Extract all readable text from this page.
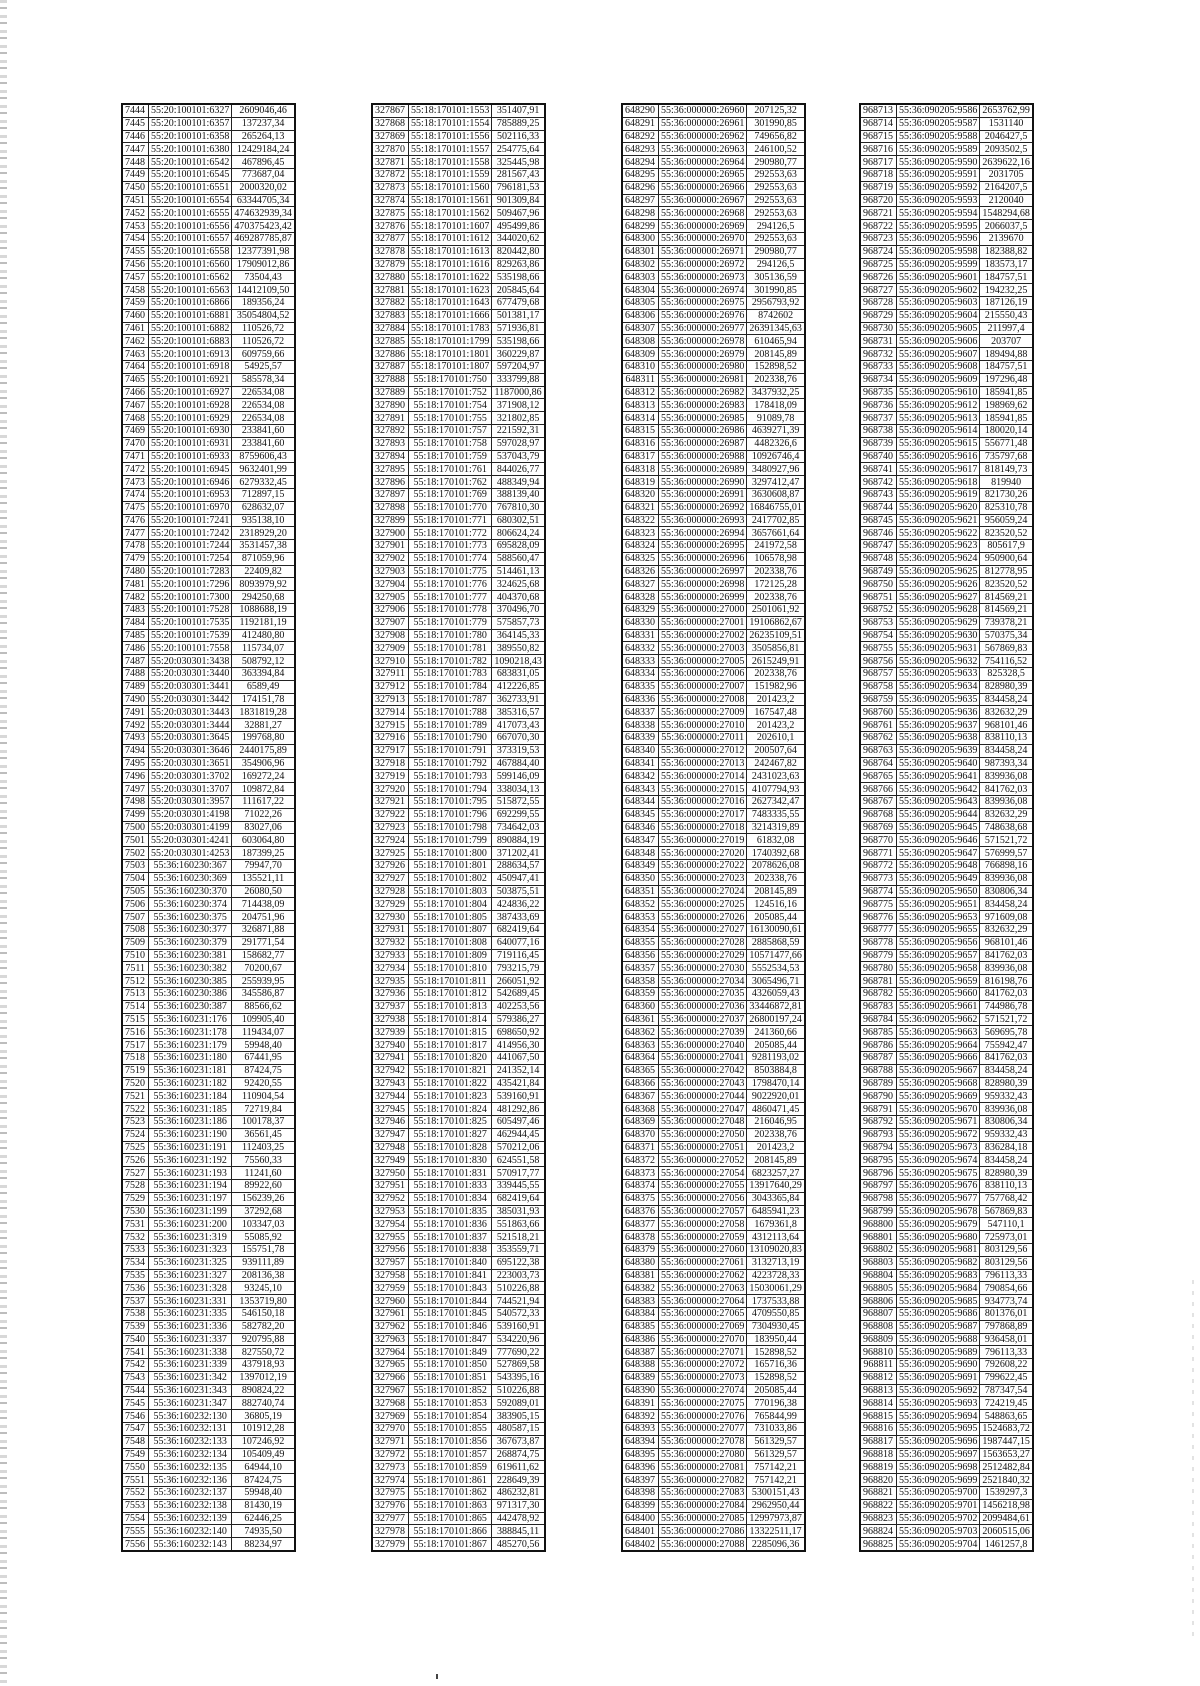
7444	55:20:100101:6327	2609046,46
7445	55:20:100101:6357	137237,34
7446	55:20:100101:6358	265264,13
7447	55:20:100101:6380	12429184,24
7448	55:20:100101:6542	467896,45
7449	55:20:100101:6545	773687,04
7450	55:20:100101:6551	2000320,02
7451	55:20:100101:6554	63344705,34
7452	55:20:100101:6555	474632939,34
7453	55:20:100101:6556	470375423,42
7454	55:20:100101:6557	469287785,87
7455	55:20:100101:6558	12377391,98
7456	55:20:100101:6560	17909012,86
7457	55:20:100101:6562	73504,43
7458	55:20:100101:6563	14412109,50
7459	55:20:100101:6866	189356,24
7460	55:20:100101:6881	35054804,52
7461	55:20:100101:6882	110526,72
7462	55:20:100101:6883	110526,72
7463	55:20:100101:6913	609759,66
7464	55:20:100101:6918	54925,57
7465	55:20:100101:6921	585578,34
7466	55:20:100101:6927	226534,08
7467	55:20:100101:6928	226534,08
7468	55:20:100101:6929	226534,08
7469	55:20:100101:6930	233841,60
7470	55:20:100101:6931	233841,60
7471	55:20:100101:6933	8759606,43
7472	55:20:100101:6945	9632401,99
7473	55:20:100101:6946	6279332,45
7474	55:20:100101:6953	712897,15
7475	55:20:100101:6970	628632,07
7476	55:20:100101:7241	935138,10
7477	55:20:100101:7242	2318929,20
7478	55:20:100101:7244	3531457,38
7479	55:20:100101:7254	871059,96
7480	55:20:100101:7283	22409,82
7481	55:20:100101:7296	8093979,92
7482	55:20:100101:7300	294250,68
7483	55:20:100101:7528	1088688,19
7484	55:20:100101:7535	1192181,19
7485	55:20:100101:7539	412480,80
7486	55:20:100101:7558	115734,07
7487	55:20:030301:3438	508792,12
7488	55:20:030301:3440	363394,84
7489	55:20:030301:3441	6589,49
7490	55:20:030301:3442	174151,78
7491	55:20:030301:3443	1831819,28
7492	55:20:030301:3444	32881,27
7493	55:20:030301:3645	199768,80
7494	55:20:030301:3646	2440175,89
7495	55:20:030301:3651	354906,96
7496	55:20:030301:3702	169272,24
7497	55:20:030301:3707	109872,84
7498	55:20:030301:3957	111617,22
7499	55:20:030301:4198	71022,26
7500	55:20:030301:4199	83027,06
7501	55:20:030301:4241	603064,80
7502	55:20:030301:4253	187399,25
7503	55:36:160230:367	79947,70
7504	55:36:160230:369	135521,11
7505	55:36:160230:370	26080,50
7506	55:36:160230:374	714438,09
7507	55:36:160230:375	204751,96
7508	55:36:160230:377	326871,88
7509	55:36:160230:379	291771,54
7510	55:36:160230:381	158682,77
7511	55:36:160230:382	70200,67
7512	55:36:160230:385	255939,95
7513	55:36:160230:386	345586,87
7514	55:36:160230:387	88566,62
7515	55:36:160231:176	109905,40
7516	55:36:160231:178	119434,07
7517	55:36:160231:179	59948,40
7518	55:36:160231:180	67441,95
7519	55:36:160231:181	87424,75
7520	55:36:160231:182	92420,55
7521	55:36:160231:184	110904,54
7522	55:36:160231:185	72719,84
7523	55:36:160231:186	100178,37
7524	55:36:160231:190	36561,45
7525	55:36:160231:191	112403,25
7526	55:36:160231:192	75560,33
7527	55:36:160231:193	11241,60
7528	55:36:160231:194	89922,60
7529	55:36:160231:197	156239,26
7530	55:36:160231:199	37292,68
7531	55:36:160231:200	103347,03
7532	55:36:160231:319	55085,92
7533	55:36:160231:323	155751,78
7534	55:36:160231:325	939111,89
7535	55:36:160231:327	208136,38
7536	55:36:160231:328	93245,10
7537	55:36:160231:331	1353719,80
7538	55:36:160231:335	546150,18
7539	55:36:160231:336	582782,20
7540	55:36:160231:337	920795,88
7541	55:36:160231:338	827550,72
7542	55:36:160231:339	437918,93
7543	55:36:160231:342	1397012,19
7544	55:36:160231:343	890824,22
7545	55:36:160231:347	882740,74
7546	55:36:160232:130	36805,19
7547	55:36:160232:131	101912,28
7548	55:36:160232:133	107246,92
7549	55:36:160232:134	105409,49
7550	55:36:160232:135	64944,10
7551	55:36:160232:136	87424,75
7552	55:36:160232:137	59948,40
7553	55:36:160232:138	81430,19
7554	55:36:160232:139	62446,25
7555	55:36:160232:140	74935,50
7556	55:36:160232:143	88234,97
327867	55:18:170101:1553	351407,91
327868	55:18:170101:1554	785889,25
327869	55:18:170101:1556	502116,33
327870	55:18:170101:1557	254775,64
327871	55:18:170101:1558	325445,98
327872	55:18:170101:1559	281567,43
327873	55:18:170101:1560	796181,53
327874	55:18:170101:1561	901309,84
327875	55:18:170101:1562	509467,96
327876	55:18:170101:1607	495499,86
327877	55:18:170101:1612	344020,62
327878	55:18:170101:1613	820442,80
327879	55:18:170101:1616	829263,86
327880	55:18:170101:1622	535198,66
327881	55:18:170101:1623	205845,64
327882	55:18:170101:1643	677479,68
327883	55:18:170101:1666	501381,17
327884	55:18:170101:1783	571936,81
327885	55:18:170101:1799	535198,66
327886	55:18:170101:1801	360229,87
327887	55:18:170101:1807	597204,97
327888	55:18:170101:750	333799,88
327889	55:18:170101:752	1187000,86
327890	55:18:170101:754	371908,12
327891	55:18:170101:755	321802,85
327892	55:18:170101:757	221592,31
327893	55:18:170101:758	597028,97
327894	55:18:170101:759	537043,79
327895	55:18:170101:761	844026,77
327896	55:18:170101:762	488349,94
327897	55:18:170101:769	388139,40
327898	55:18:170101:770	767810,30
327899	55:18:170101:771	680302,51
327900	55:18:170101:772	806624,24
327901	55:18:170101:773	695828,09
327902	55:18:170101:774	588560,47
327903	55:18:170101:775	514461,13
327904	55:18:170101:776	324625,68
327905	55:18:170101:777	404370,68
327906	55:18:170101:778	370496,70
327907	55:18:170101:779	575857,73
327908	55:18:170101:780	364145,33
327909	55:18:170101:781	389550,82
327910	55:18:170101:782	1090218,43
327911	55:18:170101:783	683831,05
327912	55:18:170101:784	412226,85
327913	55:18:170101:787	362733,91
327914	55:18:170101:788	385316,57
327915	55:18:170101:789	417073,43
327916	55:18:170101:790	667070,30
327917	55:18:170101:791	373319,53
327918	55:18:170101:792	467884,40
327919	55:18:170101:793	599146,09
327920	55:18:170101:794	338034,13
327921	55:18:170101:795	515872,55
327922	55:18:170101:796	692299,55
327923	55:18:170101:798	734642,03
327924	55:18:170101:799	890884,19
327925	55:18:170101:800	371202,41
327926	55:18:170101:801	288634,57
327927	55:18:170101:802	450947,41
327928	55:18:170101:803	503875,51
327929	55:18:170101:804	424836,22
327930	55:18:170101:805	387433,69
327931	55:18:170101:807	682419,64
327932	55:18:170101:808	640077,16
327933	55:18:170101:809	719116,45
327934	55:18:170101:810	793215,79
327935	55:18:170101:811	266051,92
327936	55:18:170101:812	542689,45
327937	55:18:170101:813	402253,56
327938	55:18:170101:814	579386,27
327939	55:18:170101:815	698650,92
327940	55:18:170101:817	414956,30
327941	55:18:170101:820	441067,50
327942	55:18:170101:821	241352,14
327943	55:18:170101:822	435421,84
327944	55:18:170101:823	539160,91
327945	55:18:170101:824	481292,86
327946	55:18:170101:825	605497,46
327947	55:18:170101:827	462944,45
327948	55:18:170101:828	570212,06
327949	55:18:170101:830	624551,58
327950	55:18:170101:831	570917,77
327951	55:18:170101:833	339445,55
327952	55:18:170101:834	682419,64
327953	55:18:170101:835	385031,93
327954	55:18:170101:836	551863,66
327955	55:18:170101:837	521518,21
327956	55:18:170101:838	353559,71
327957	55:18:170101:840	695122,38
327958	55:18:170101:841	223003,73
327959	55:18:170101:843	510226,88
327960	55:18:170101:844	744521,94
327961	55:18:170101:845	540572,33
327962	55:18:170101:846	539160,91
327963	55:18:170101:847	534220,96
327964	55:18:170101:849	777690,22
327965	55:18:170101:850	527869,58
327966	55:18:170101:851	543395,16
327967	55:18:170101:852	510226,88
327968	55:18:170101:853	592089,01
327969	55:18:170101:854	383905,15
327970	55:18:170101:855	480587,15
327971	55:18:170101:856	367673,87
327972	55:18:170101:857	268874,75
327973	55:18:170101:859	619611,62
327974	55:18:170101:861	228649,39
327975	55:18:170101:862	486232,81
327976	55:18:170101:863	971317,30
327977	55:18:170101:865	442478,92
327978	55:18:170101:866	388845,11
327979	55:18:170101:867	485270,56
648290	55:36:000000:26960	207125,32
648291	55:36:000000:26961	301990,85
648292	55:36:000000:26962	749656,82
648293	55:36:000000:26963	246100,52
648294	55:36:000000:26964	290980,77
648295	55:36:000000:26965	292553,63
648296	55:36:000000:26966	292553,63
648297	55:36:000000:26967	292553,63
648298	55:36:000000:26968	292553,63
648299	55:36:000000:26969	294126,5
648300	55:36:000000:26970	292553,63
648301	55:36:000000:26971	290980,77
648302	55:36:000000:26972	294126,5
648303	55:36:000000:26973	305136,59
648304	55:36:000000:26974	301990,85
648305	55:36:000000:26975	2956793,92
648306	55:36:000000:26976	8742602
648307	55:36:000000:26977	26391345,63
648308	55:36:000000:26978	610465,94
648309	55:36:000000:26979	208145,89
648310	55:36:000000:26980	152898,52
648311	55:36:000000:26981	202338,76
648312	55:36:000000:26982	3437932,25
648313	55:36:000000:26983	178418,09
648314	55:36:000000:26985	91089,78
648315	55:36:000000:26986	4639271,39
648316	55:36:000000:26987	4482326,6
648317	55:36:000000:26988	10926746,4
648318	55:36:000000:26989	3480927,96
648319	55:36:000000:26990	3297412,47
648320	55:36:000000:26991	3630608,87
648321	55:36:000000:26992	16846755,01
648322	55:36:000000:26993	2417702,85
648323	55:36:000000:26994	3657661,64
648324	55:36:000000:26995	241972,58
648325	55:36:000000:26996	106578,98
648326	55:36:000000:26997	202338,76
648327	55:36:000000:26998	172125,28
648328	55:36:000000:26999	202338,76
648329	55:36:000000:27000	2501061,92
648330	55:36:000000:27001	19106862,67
648331	55:36:000000:27002	26235109,51
648332	55:36:000000:27003	3505856,81
648333	55:36:000000:27005	2615249,91
648334	55:36:000000:27006	202338,76
648335	55:36:000000:27007	151982,96
648336	55:36:000000:27008	201423,2
648337	55:36:000000:27009	167547,48
648338	55:36:000000:27010	201423,2
648339	55:36:000000:27011	202610,1
648340	55:36:000000:27012	200507,64
648341	55:36:000000:27013	242467,82
648342	55:36:000000:27014	2431023,63
648343	55:36:000000:27015	4107794,93
648344	55:36:000000:27016	2627342,47
648345	55:36:000000:27017	7483335,55
648346	55:36:000000:27018	3214319,89
648347	55:36:000000:27019	61832,08
648348	55:36:000000:27020	1740392,68
648349	55:36:000000:27022	2078626,08
648350	55:36:000000:27023	202338,76
648351	55:36:000000:27024	208145,89
648352	55:36:000000:27025	124516,16
648353	55:36:000000:27026	205085,44
648354	55:36:000000:27027	16130090,61
648355	55:36:000000:27028	2885868,59
648356	55:36:000000:27029	10571477,66
648357	55:36:000000:27030	5552534,53
648358	55:36:000000:27034	3065496,71
648359	55:36:000000:27035	4326059,43
648360	55:36:000000:27036	33446872,81
648361	55:36:000000:27037	26800197,24
648362	55:36:000000:27039	241360,66
648363	55:36:000000:27040	205085,44
648364	55:36:000000:27041	9281193,02
648365	55:36:000000:27042	8503884,8
648366	55:36:000000:27043	1798470,14
648367	55:36:000000:27044	9022920,01
648368	55:36:000000:27047	4860471,45
648369	55:36:000000:27048	216046,95
648370	55:36:000000:27050	202338,76
648371	55:36:000000:27051	201423,2
648372	55:36:000000:27052	208145,89
648373	55:36:000000:27054	6823257,27
648374	55:36:000000:27055	13917640,29
648375	55:36:000000:27056	3043365,84
648376	55:36:000000:27057	6485941,23
648377	55:36:000000:27058	1679361,8
648378	55:36:000000:27059	4312113,64
648379	55:36:000000:27060	13109020,83
648380	55:36:000000:27061	3132713,19
648381	55:36:000000:27062	4223728,33
648382	55:36:000000:27063	15030061,29
648383	55:36:000000:27064	1737533,88
648384	55:36:000000:27065	4709550,85
648385	55:36:000000:27069	7304930,45
648386	55:36:000000:27070	183950,44
648387	55:36:000000:27071	152898,52
648388	55:36:000000:27072	165716,36
648389	55:36:000000:27073	152898,52
648390	55:36:000000:27074	205085,44
648391	55:36:000000:27075	770196,38
648392	55:36:000000:27076	765844,99
648393	55:36:000000:27077	731033,86
648394	55:36:000000:27078	561329,57
648395	55:36:000000:27080	561329,57
648396	55:36:000000:27081	757142,21
648397	55:36:000000:27082	757142,21
648398	55:36:000000:27083	5300151,43
648399	55:36:000000:27084	2962950,44
648400	55:36:000000:27085	12997973,87
648401	55:36:000000:27086	13322511,17
648402	55:36:000000:27088	2285096,36
968713	55:36:090205:9586	2653762,99
968714	55:36:090205:9587	1531140
968715	55:36:090205:9588	2046427,5
968716	55:36:090205:9589	2093502,5
968717	55:36:090205:9590	2639622,16
968718	55:36:090205:9591	2031705
968719	55:36:090205:9592	2164207,5
968720	55:36:090205:9593	2120040
968721	55:36:090205:9594	1548294,68
968722	55:36:090205:9595	2066037,5
968723	55:36:090205:9596	2139670
968724	55:36:090205:9598	182388,82
968725	55:36:090205:9599	183573,17
968726	55:36:090205:9601	184757,51
968727	55:36:090205:9602	194232,25
968728	55:36:090205:9603	187126,19
968729	55:36:090205:9604	215550,43
968730	55:36:090205:9605	211997,4
968731	55:36:090205:9606	203707
968732	55:36:090205:9607	189494,88
968733	55:36:090205:9608	184757,51
968734	55:36:090205:9609	197296,48
968735	55:36:090205:9610	185941,85
968736	55:36:090205:9612	198969,62
968737	55:36:090205:9613	185941,85
968738	55:36:090205:9614	180020,14
968739	55:36:090205:9615	556771,48
968740	55:36:090205:9616	735797,68
968741	55:36:090205:9617	818149,73
968742	55:36:090205:9618	819940
968743	55:36:090205:9619	821730,26
968744	55:36:090205:9620	825310,78
968745	55:36:090205:9621	956059,24
968746	55:36:090205:9622	823520,52
968747	55:36:090205:9623	805617,9
968748	55:36:090205:9624	950900,64
968749	55:36:090205:9625	812778,95
968750	55:36:090205:9626	823520,52
968751	55:36:090205:9627	814569,21
968752	55:36:090205:9628	814569,21
968753	55:36:090205:9629	739378,21
968754	55:36:090205:9630	570375,34
968755	55:36:090205:9631	567869,83
968756	55:36:090205:9632	754116,52
968757	55:36:090205:9633	825328,5
968758	55:36:090205:9634	828980,39
968759	55:36:090205:9635	834458,24
968760	55:36:090205:9636	832632,29
968761	55:36:090205:9637	968101,46
968762	55:36:090205:9638	838110,13
968763	55:36:090205:9639	834458,24
968764	55:36:090205:9640	987393,34
968765	55:36:090205:9641	839936,08
968766	55:36:090205:9642	841762,03
968767	55:36:090205:9643	839936,08
968768	55:36:090205:9644	832632,29
968769	55:36:090205:9645	748638,68
968770	55:36:090205:9646	571521,72
968771	55:36:090205:9647	576999,57
968772	55:36:090205:9648	766898,16
968773	55:36:090205:9649	839936,08
968774	55:36:090205:9650	830806,34
968775	55:36:090205:9651	834458,24
968776	55:36:090205:9653	971609,08
968777	55:36:090205:9655	832632,29
968778	55:36:090205:9656	968101,46
968779	55:36:090205:9657	841762,03
968780	55:36:090205:9658	839936,08
968781	55:36:090205:9659	816198,76
968782	55:36:090205:9660	841762,03
968783	55:36:090205:9661	744986,78
968784	55:36:090205:9662	571521,72
968785	55:36:090205:9663	569695,78
968786	55:36:090205:9664	755942,47
968787	55:36:090205:9666	841762,03
968788	55:36:090205:9667	834458,24
968789	55:36:090205:9668	828980,39
968790	55:36:090205:9669	959332,43
968791	55:36:090205:9670	839936,08
968792	55:36:090205:9671	830806,34
968793	55:36:090205:9672	959332,43
968794	55:36:090205:9673	836284,18
968795	55:36:090205:9674	834458,24
968796	55:36:090205:9675	828980,39
968797	55:36:090205:9676	838110,13
968798	55:36:090205:9677	757768,42
968799	55:36:090205:9678	567869,83
968800	55:36:090205:9679	547110,1
968801	55:36:090205:9680	725973,01
968802	55:36:090205:9681	803129,56
968803	55:36:090205:9682	803129,56
968804	55:36:090205:9683	796113,33
968805	55:36:090205:9684	790854,66
968806	55:36:090205:9685	934773,74
968807	55:36:090205:9686	801376,01
968808	55:36:090205:9687	797868,89
968809	55:36:090205:9688	936458,01
968810	55:36:090205:9689	796113,33
968811	55:36:090205:9690	792608,22
968812	55:36:090205:9691	799622,45
968813	55:36:090205:9692	787347,54
968814	55:36:090205:9693	724219,45
968815	55:36:090205:9694	548863,65
968816	55:36:090205:9695	1524683,72
968817	55:36:090205:9696	1987447,15
968818	55:36:090205:9697	1563653,27
968819	55:36:090205:9698	2512482,84
968820	55:36:090205:9699	2521840,32
968821	55:36:090205:9700	1539297,3
968822	55:36:090205:9701	1456218,98
968823	55:36:090205:9702	2099484,61
968824	55:36:090205:9703	2060515,06
968825	55:36:090205:9704	1461257,8
